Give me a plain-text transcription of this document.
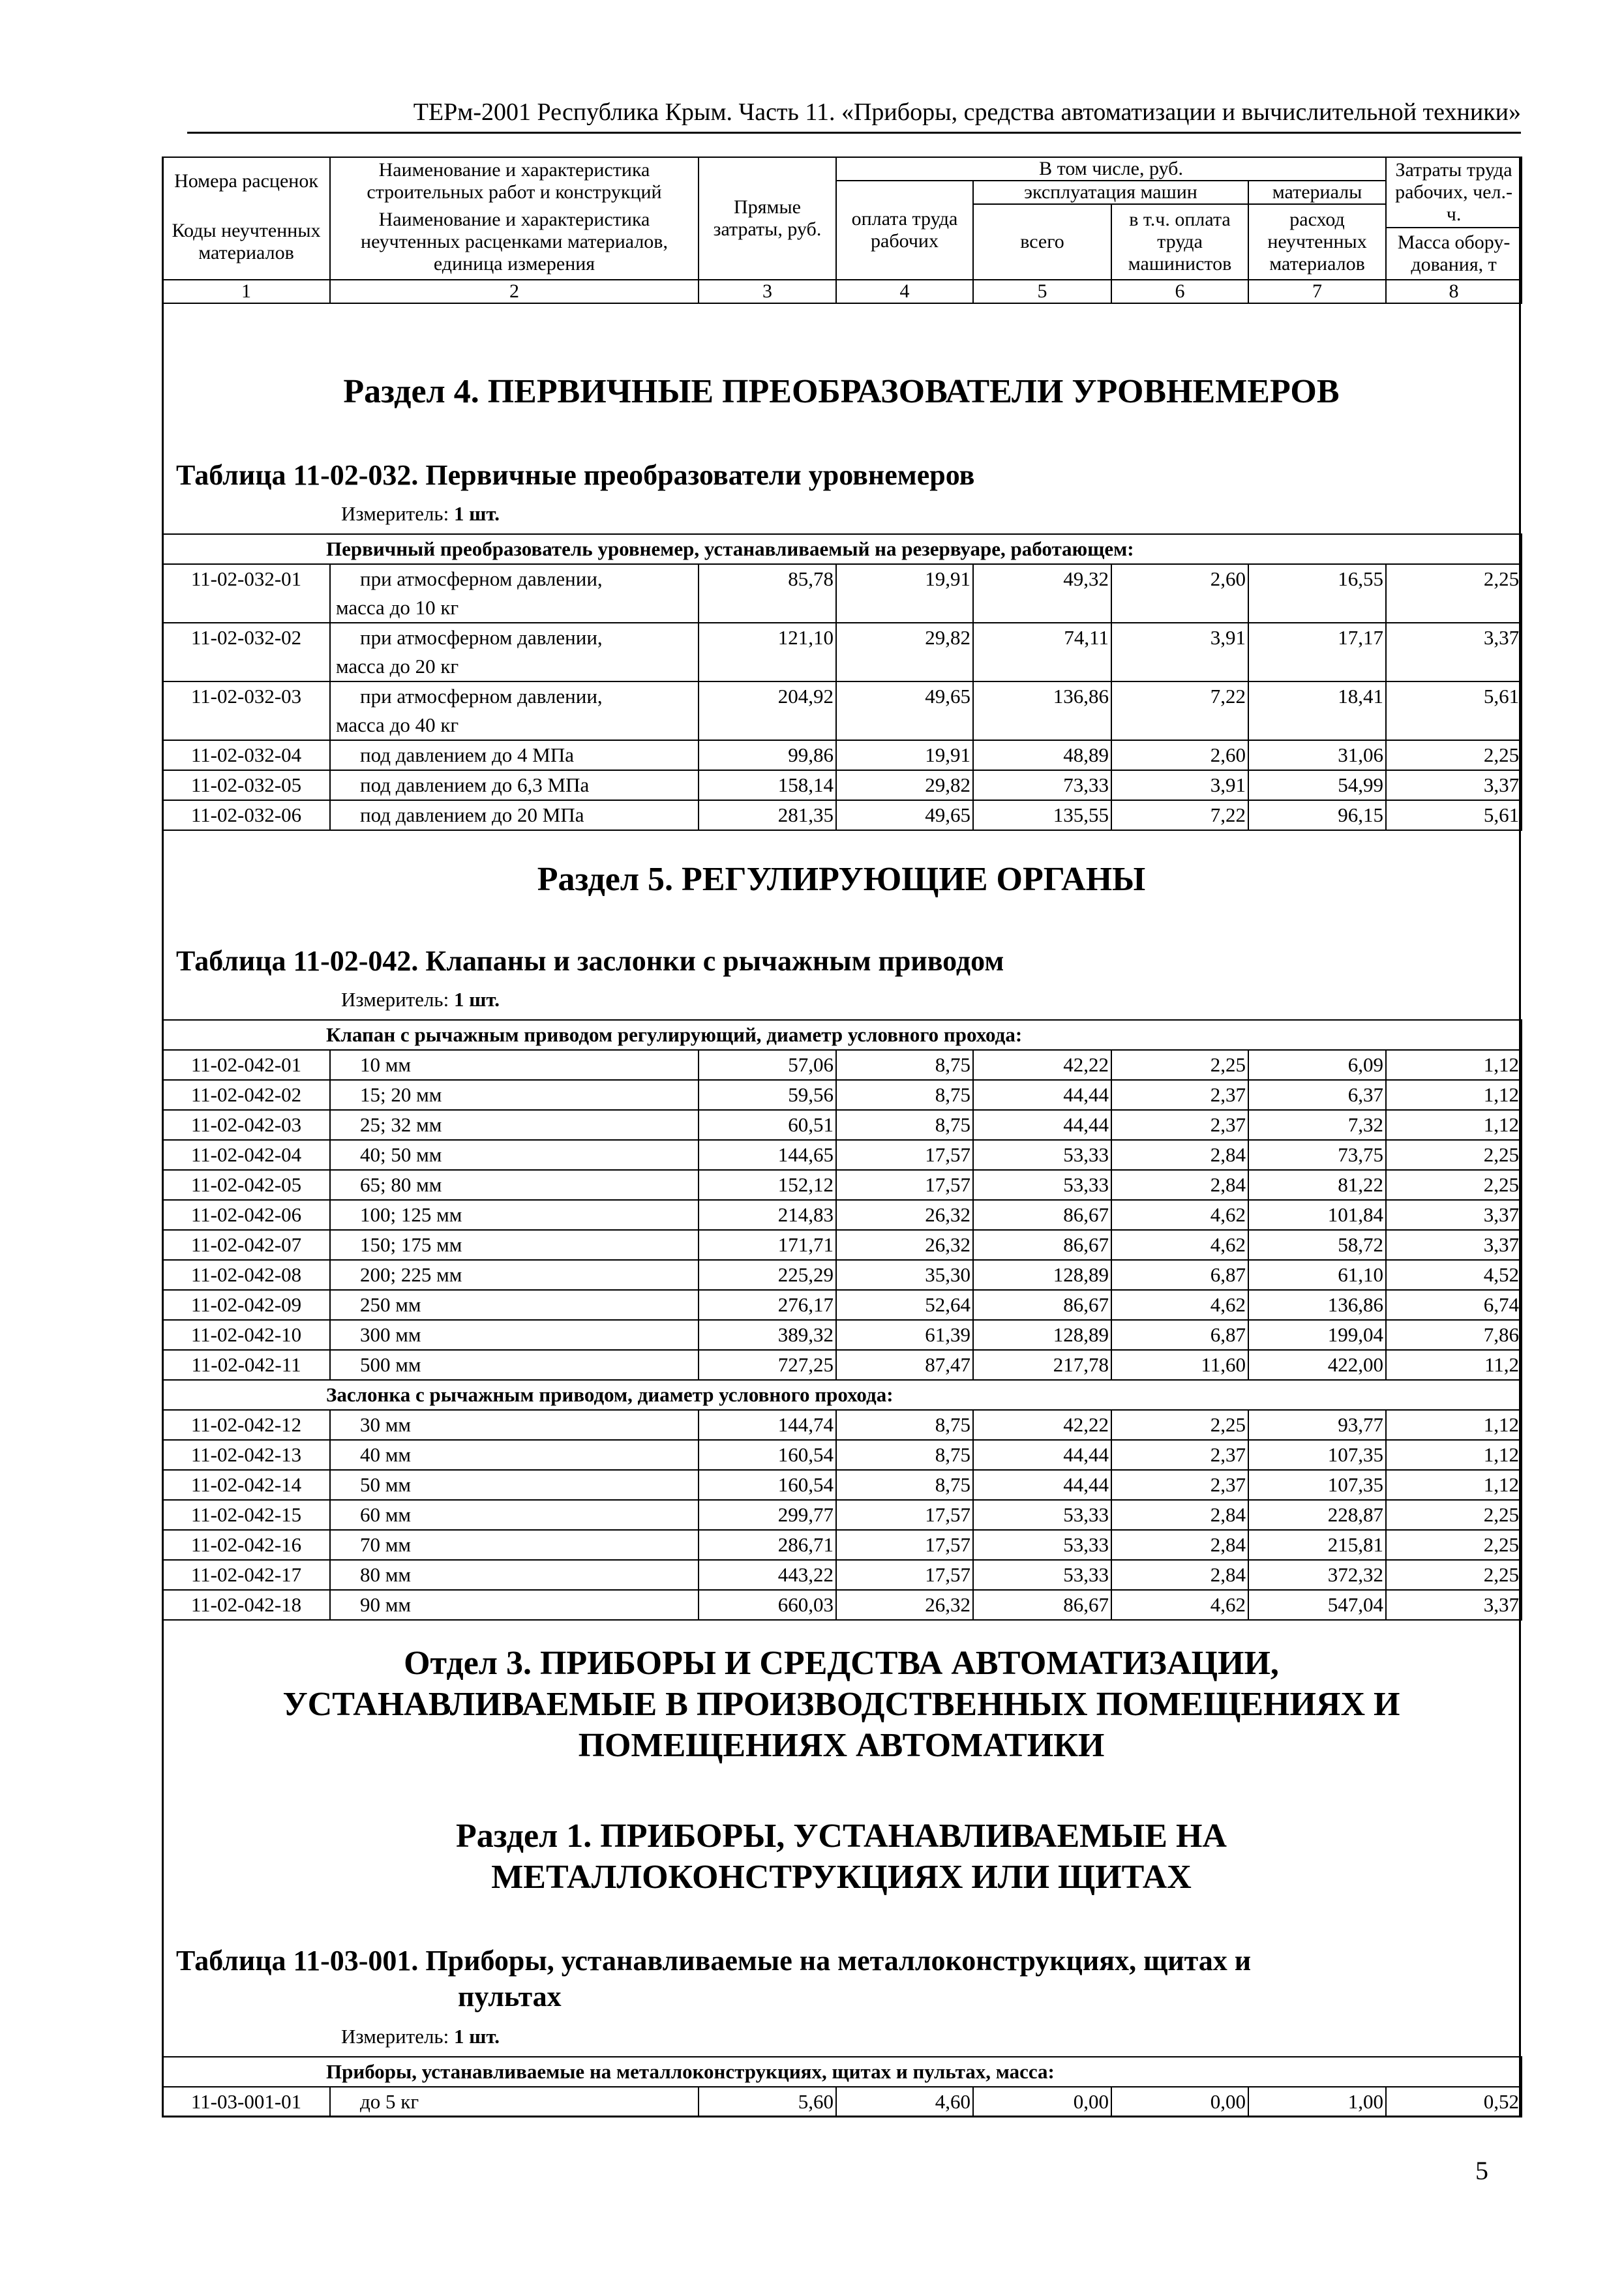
ТЕРм-2001 Республика Крым. Часть 11. «Приборы, средства автоматизации и вычислительной техники»
Номера расценок	Наименование и характеристика строительных работ и конструкций	Прямые затраты, руб.	В том числе, руб.				Затраты труда рабочих, чел.-ч.
			оплата труда рабочих	эксплуатация машин		материалы	
Коды неучтенных материалов	Наименование и характеристика неучтенных расценками материалов, единица измерения			всего	в т.ч. оплата труда машинистов	расход неучтенных материалов	
							Масса обору-дования, т
1	2	3	4	5	6	7	8
Раздел 4. ПЕРВИЧНЫЕ ПРЕОБРАЗОВАТЕЛИ УРОВНЕМЕРОВ
Таблица 11-02-032. Первичные преобразователи уровнемеров
Измеритель: 1 шт.
Первичный преобразователь уровнемер, устанавливаемый на резервуаре, работающем:							
11-02-032-01	при атмосферном давлении,
масса до 10 кг	85,78	19,91	49,32	2,60	16,55	2,25
11-02-032-02	при атмосферном давлении,
масса до 20 кг	121,10	29,82	74,11	3,91	17,17	3,37
11-02-032-03	при атмосферном давлении,
масса до 40 кг	204,92	49,65	136,86	7,22	18,41	5,61
11-02-032-04	под давлением до 4 МПа	99,86	19,91	48,89	2,60	31,06	2,25
11-02-032-05	под давлением до 6,3 МПа	158,14	29,82	73,33	3,91	54,99	3,37
11-02-032-06	под давлением до 20 МПа	281,35	49,65	135,55	7,22	96,15	5,61
Раздел 5. РЕГУЛИРУЮЩИЕ ОРГАНЫ
Таблица 11-02-042. Клапаны и заслонки с рычажным приводом
Измеритель: 1 шт.
Клапан с рычажным приводом регулирующий, диаметр условного прохода:							
11-02-042-01	10 мм	57,06	8,75	42,22	2,25	6,09	1,12
11-02-042-02	15; 20 мм	59,56	8,75	44,44	2,37	6,37	1,12
11-02-042-03	25; 32 мм	60,51	8,75	44,44	2,37	7,32	1,12
11-02-042-04	40; 50 мм	144,65	17,57	53,33	2,84	73,75	2,25
11-02-042-05	65; 80 мм	152,12	17,57	53,33	2,84	81,22	2,25
11-02-042-06	100; 125 мм	214,83	26,32	86,67	4,62	101,84	3,37
11-02-042-07	150; 175 мм	171,71	26,32	86,67	4,62	58,72	3,37
11-02-042-08	200; 225 мм	225,29	35,30	128,89	6,87	61,10	4,52
11-02-042-09	250 мм	276,17	52,64	86,67	4,62	136,86	6,74
11-02-042-10	300 мм	389,32	61,39	128,89	6,87	199,04	7,86
11-02-042-11	500 мм	727,25	87,47	217,78	11,60	422,00	11,2
Заслонка с рычажным приводом, диаметр условного прохода:							
11-02-042-12	30 мм	144,74	8,75	42,22	2,25	93,77	1,12
11-02-042-13	40 мм	160,54	8,75	44,44	2,37	107,35	1,12
11-02-042-14	50 мм	160,54	8,75	44,44	2,37	107,35	1,12
11-02-042-15	60 мм	299,77	17,57	53,33	2,84	228,87	2,25
11-02-042-16	70 мм	286,71	17,57	53,33	2,84	215,81	2,25
11-02-042-17	80 мм	443,22	17,57	53,33	2,84	372,32	2,25
11-02-042-18	90 мм	660,03	26,32	86,67	4,62	547,04	3,37
Отдел 3. ПРИБОРЫ И СРЕДСТВА АВТОМАТИЗАЦИИ,
УСТАНАВЛИВАЕМЫЕ В ПРОИЗВОДСТВЕННЫХ ПОМЕЩЕНИЯХ И
ПОМЕЩЕНИЯХ АВТОМАТИКИ
Раздел 1. ПРИБОРЫ, УСТАНАВЛИВАЕМЫЕ НА
МЕТАЛЛОКОНСТРУКЦИЯХ ИЛИ ЩИТАХ
Таблица 11-03-001. Приборы, устанавливаемые на металлоконструкциях, щитах и
пультах
Измеритель: 1 шт.
Приборы, устанавливаемые на металлоконструкциях, щитах и пультах, масса:
11-03-001-01	до 5 кг	5,60	4,60	0,00	0,00	1,00	0,52
5
